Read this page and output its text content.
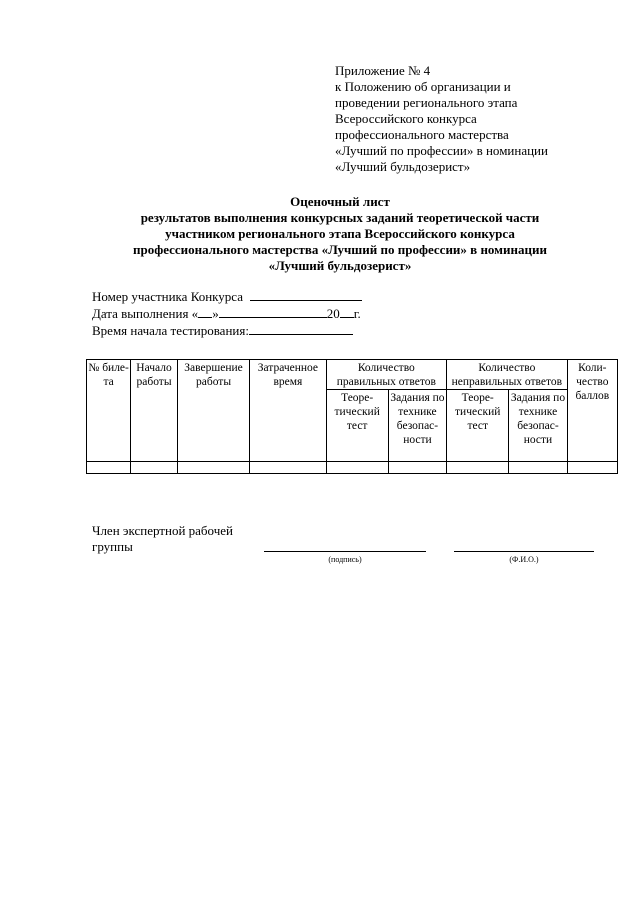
Приложение № 4
к Положению об организации и
проведении регионального этапа
Всероссийского конкурса
профессионального мастерства
«Лучший по профессии» в номинации
«Лучший бульдозерист»
Оценочный лист
результатов выполнения конкурсных заданий теоретической части
участником регионального этапа Всероссийского конкурса
профессионального мастерства «Лучший по профессии» в номинации
«Лучший бульдозерист»
Номер участника Конкурса
Дата выполнения « »	20 г.
Время начала тестирования:
№ биле-та	Начало работы	Завершение работы	Затраченное время	Количество правильных ответов		Количество неправильных ответов		Коли-чество баллов
				Теоре-тический тест	Задания по технике безопас-ности	Теоре-тический тест	Задания по технике безопас-ности	

Член экспертной рабочей
группы
(подпись)	(Ф.И.О.)
